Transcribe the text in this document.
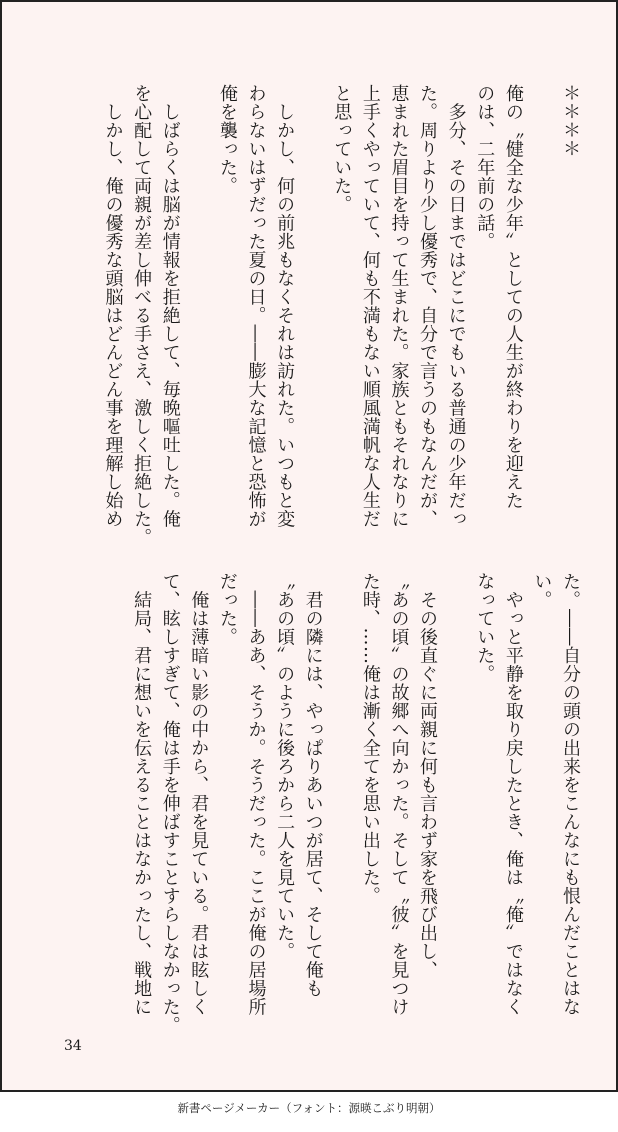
＊＊＊＊

俺の〝健全な少年〟としての人生が終わりを迎えた

のは、二年前の話。

　多分、その日まではどこにでもいる普通の少年だっ

た。周りより少し優秀で、自分で言うのもなんだが、

恵まれた眉目を持って生まれた。家族ともそれなりに

上手くやっていて、何も不満もない順風満帆な人生だ

と思っていた。

　しかし、何の前兆もなくそれは訪れた。いつもと変

わらないはずだった夏の日。――膨大な記憶と恐怖が

俺を襲った。

　しばらくは脳が情報を拒絶して、毎晩嘔吐した。俺

を心配して両親が差し伸べる手さえ、激しく拒絶した。

　しかし、俺の優秀な頭脳はどんどん事を理解し始め

た。――自分の頭の出来をこんなにも恨んだことはな

い。

　やっと平静を取り戻したとき、俺は〝俺〟ではなく

なっていた。

　その後直ぐに両親に何も言わず家を飛び出し、

〝あの頃〟の故郷へ向かった。そして〝彼〟を見つけ

た時、……俺は漸く全てを思い出した。

　君の隣には、やっぱりあいつが居て、そして俺も

〝あの頃〟のように後ろから二人を見ていた。

　――ああ、そうか。そうだった。ここが俺の居場所

だった。

　俺は薄暗い影の中から、君を見ている。君は眩しく

て、眩しすぎて、俺は手を伸ばすことすらしなかった。

　結局、君に想いを伝えることはなかったし、戦地に

34
新書ページメーカー（フォント：源暎こぶり明朝）
